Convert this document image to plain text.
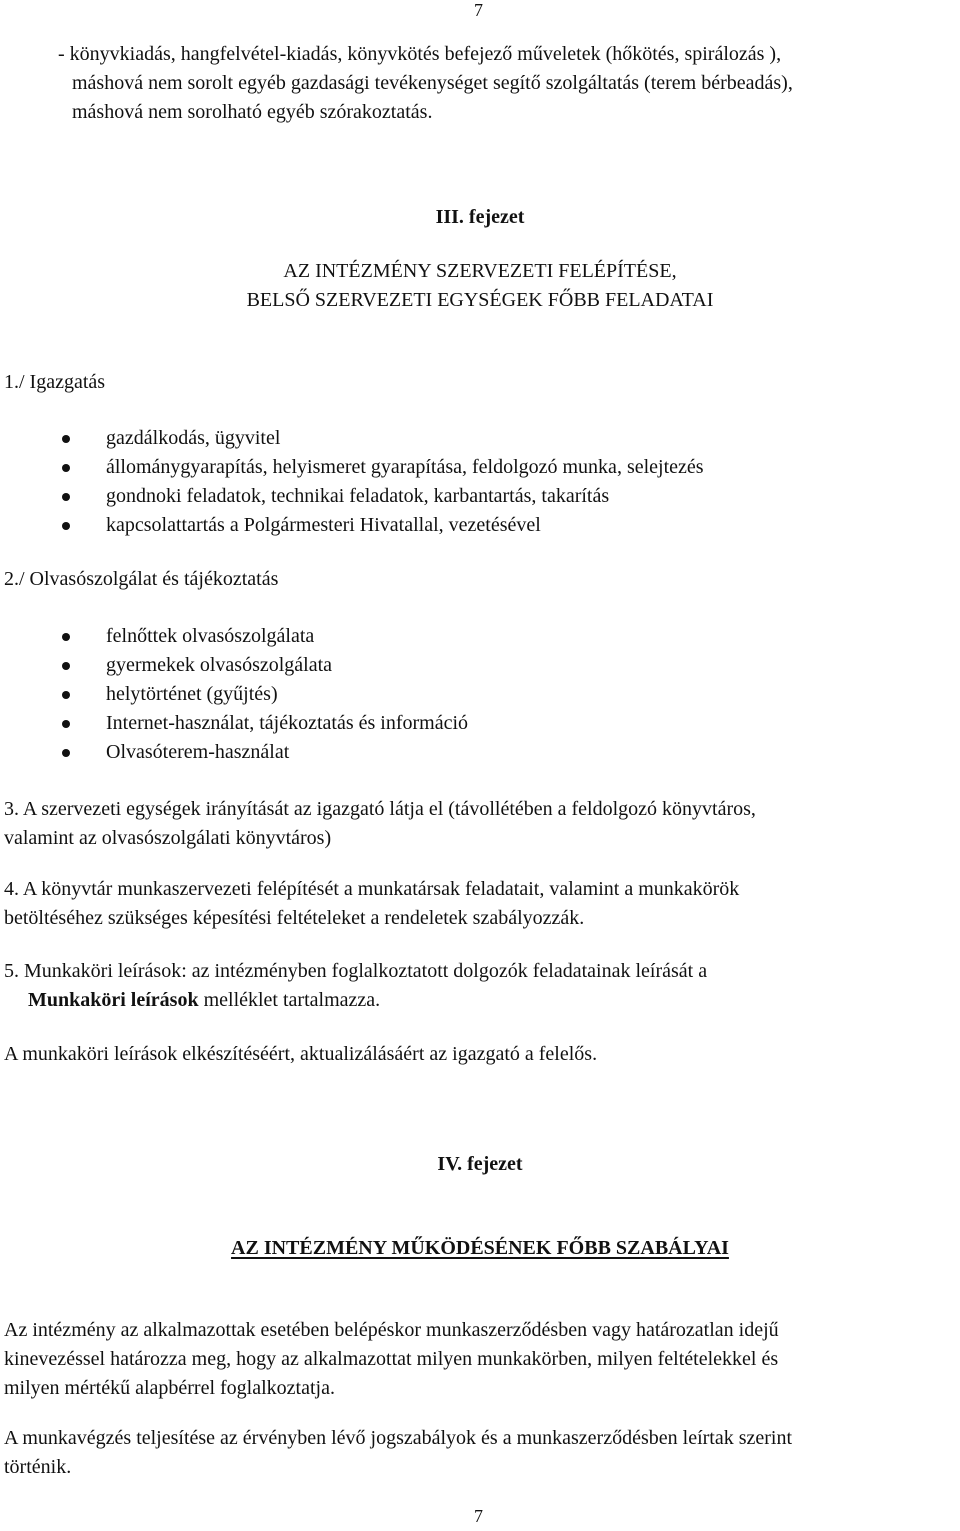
7

- könyvkiadás, hangfelvétel-kiadás, könyvkötés befejező műveletek (hőkötés, spirálozás ),

máshová nem sorolt egyéb gazdasági tevékenységet segítő szolgáltatás (terem bérbeadás),

máshová nem sorolható egyéb szórakoztatás.

III. fejezet
AZ INTÉZMÉNY SZERVEZETI FELÉPÍTÉSE,
BELSŐ SZERVEZETI EGYSÉGEK FŐBB FELADATAI
1./ Igazgatás
gazdálkodás, ügyvitel
állománygyarapítás, helyismeret gyarapítása, feldolgozó munka, selejtezés
gondnoki feladatok, technikai feladatok, karbantartás, takarítás
kapcsolattartás a Polgármesteri Hivatallal, vezetésével
2./ Olvasószolgálat és tájékoztatás
felnőttek olvasószolgálata
gyermekek olvasószolgálata
helytörténet (gyűjtés)
Internet-használat, tájékoztatás és információ
Olvasóterem-használat
3. A szervezeti egységek irányítását az igazgató látja el (távollétében a feldolgozó könyvtáros,
valamint az olvasószolgálati könyvtáros)
4. A könyvtár munkaszervezeti felépítését a munkatársak feladatait, valamint a munkakörök
betöltéséhez szükséges képesítési feltételeket a rendeletek szabályozzák.
5. Munkaköri leírások: az intézményben foglalkoztatott dolgozók feladatainak leírását a
Munkaköri leírások melléklet tartalmazza.
A munkaköri leírások elkészítéséért, aktualizálásáért az igazgató a felelős.
IV. fejezet
AZ INTÉZMÉNY MŰKÖDÉSÉNEK FŐBB SZABÁLYAI
Az intézmény az alkalmazottak esetében belépéskor munkaszerződésben vagy határozatlan idejű
kinevezéssel határozza meg, hogy az alkalmazottat milyen munkakörben, milyen feltételekkel és
milyen mértékű alapbérrel foglalkoztatja.
A munkavégzés teljesítése az érvényben lévő jogszabályok és a munkaszerződésben leírtak szerint
történik.
7
